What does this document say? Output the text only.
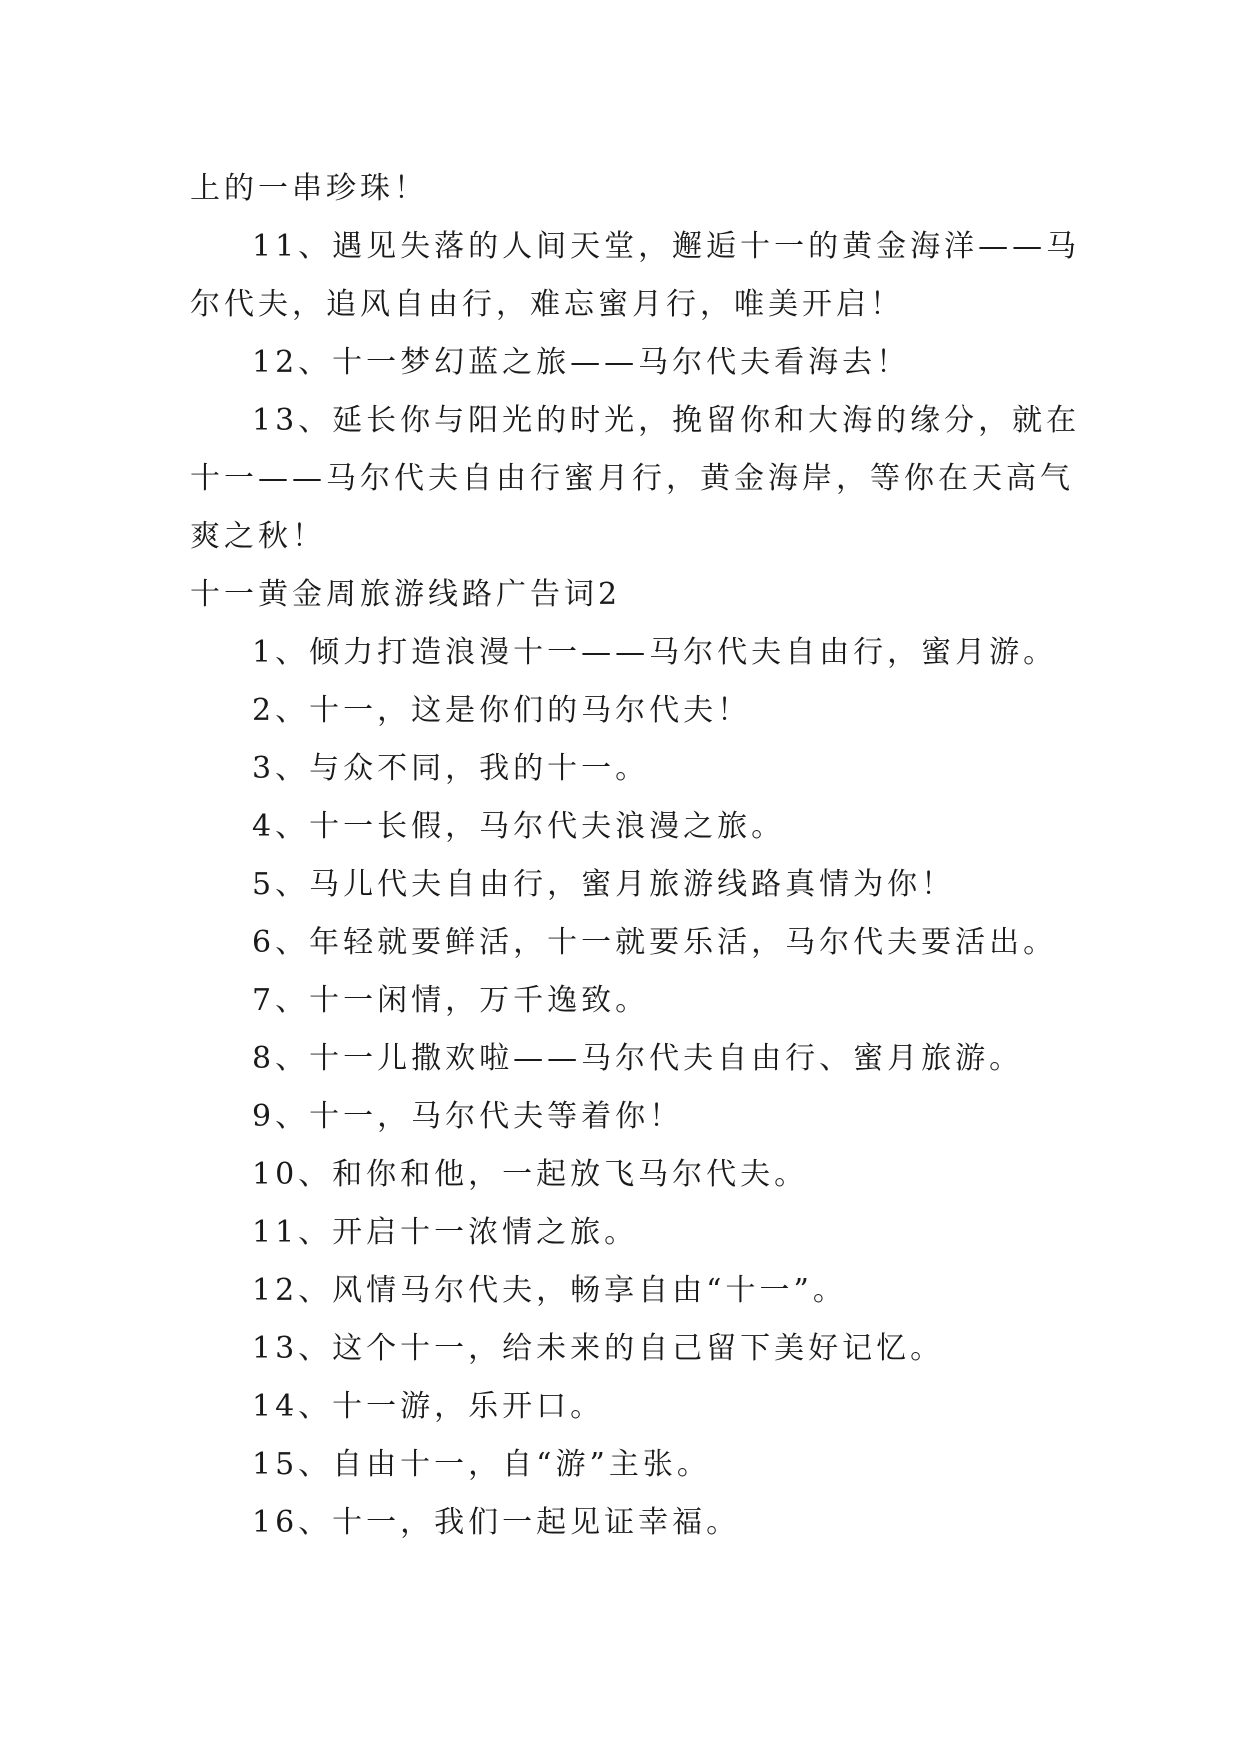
上的一串珍珠！
11、遇见失落的人间天堂，邂逅十一的黄金海洋——马
尔代夫，追风自由行，难忘蜜月行，唯美开启！
12、十一梦幻蓝之旅——马尔代夫看海去！
13、延长你与阳光的时光，挽留你和大海的缘分，就在
十一——马尔代夫自由行蜜月行，黄金海岸，等你在天高气
爽之秋！
十一黄金周旅游线路广告词2
1、倾力打造浪漫十一——马尔代夫自由行，蜜月游。
2、十一，这是你们的马尔代夫！
3、与众不同，我的十一。
4、十一长假，马尔代夫浪漫之旅。
5、马儿代夫自由行，蜜月旅游线路真情为你！
6、年轻就要鲜活，十一就要乐活，马尔代夫要活出。
7、十一闲情，万千逸致。
8、十一儿撒欢啦——马尔代夫自由行、蜜月旅游。
9、十一，马尔代夫等着你！
10、和你和他，一起放飞马尔代夫。
11、开启十一浓情之旅。
12、风情马尔代夫，畅享自由“十一”。
13、这个十一，给未来的自己留下美好记忆。
14、十一游，乐开口。
15、自由十一，自“游”主张。
16、十一，我们一起见证幸福。
